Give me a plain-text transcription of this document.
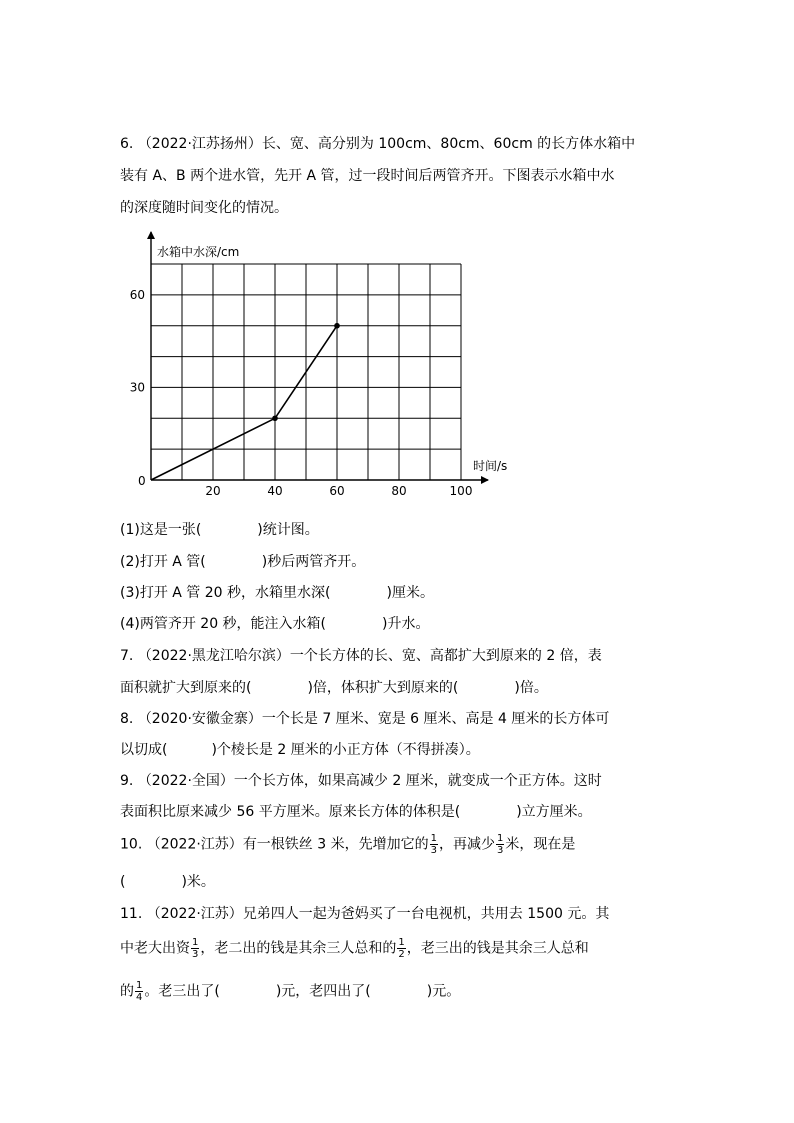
6. （2022·江苏扬州）长、宽、高分别为 100cm、80cm、60cm 的长方体水箱中
装有 A、B 两个进水管，先开 A 管，过一段时间后两管齐开。下图表示水箱中水
的深度随时间变化的情况。
水箱中水深/cm
时间/s
0
20	40	60	80	100
30
60
(1)这是一张(	)统计图。
(2)打开 A 管(	)秒后两管齐开。
(3)打开 A 管 20 秒，水箱里水深(	)厘米。
(4)两管齐开 20 秒，能注入水箱(	)升水。
7. （2022·黑龙江哈尔滨）一个长方体的长、宽、高都扩大到原来的 2 倍，表
面积就扩大到原来的(	)倍，体积扩大到原来的(	)倍。
8. （2020·安徽金寨）一个长是 7 厘米、宽是 6 厘米、高是 4 厘米的长方体可
以切成(	)个棱长是 2 厘米的小正方体（不得拼凑）。
9. （2022·全国）一个长方体，如果高减少 2 厘米，就变成一个正方体。这时
表面积比原来减少 56 平方厘米。原来长方体的体积是(	)立方厘米。
10. （2022·江苏）有一根铁丝 3 米，先增加它的 $\frac{1}{3}$ ，再减少 $\frac{1}{3}$ 米，现在是
(	)米。
11. （2022·江苏）兄弟四人一起为爸妈买了一台电视机，共用去 1500 元。其
中老大出资 $\frac{1}{3}$ ，老二出的钱是其余三人总和的 $\frac{1}{2}$ ，老三出的钱是其余三人总和
的 $\frac{1}{4}$ 。老三出了(	)元，老四出了(	)元。
